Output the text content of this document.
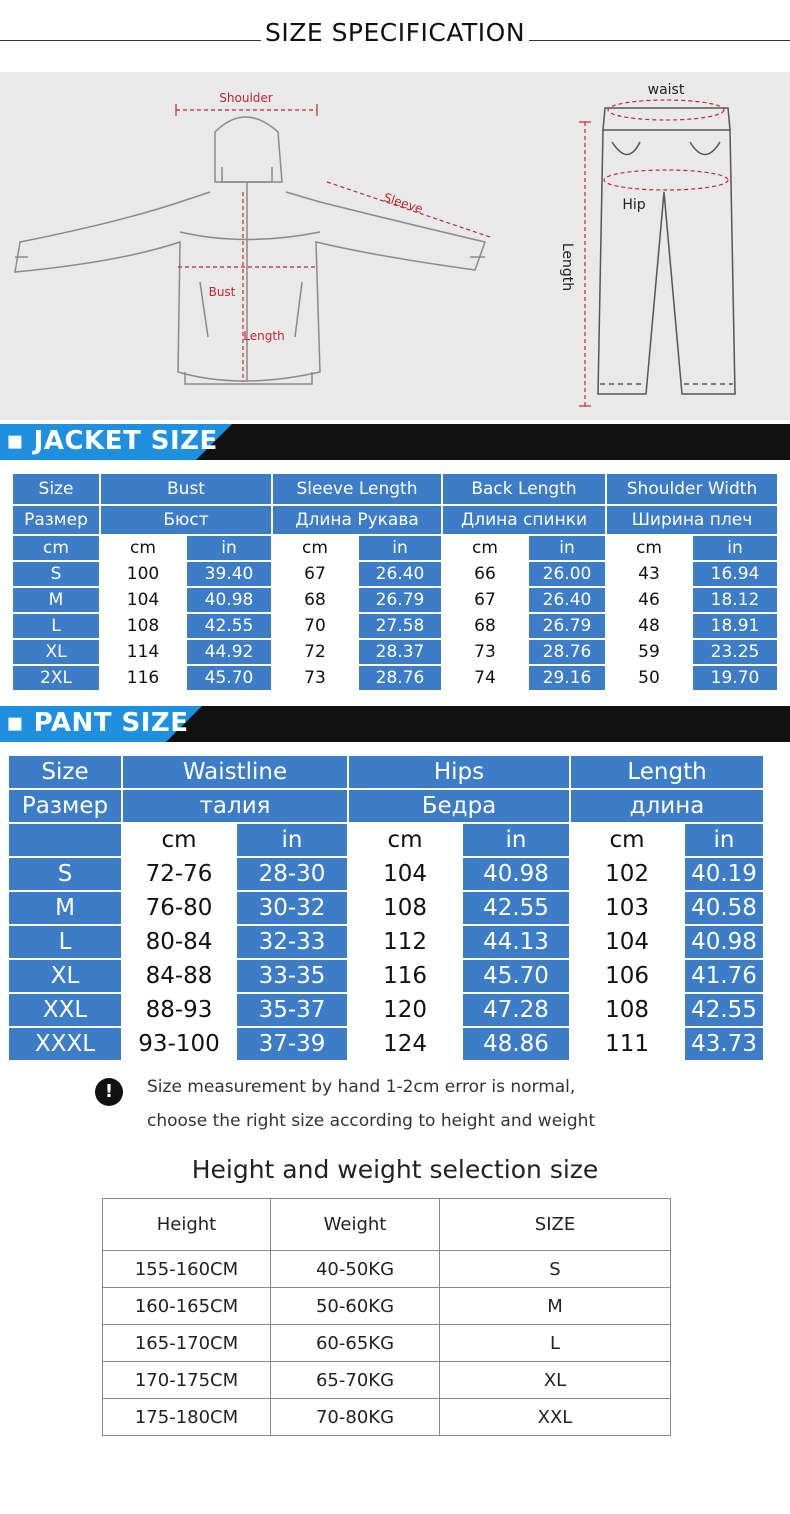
SIZE SPECIFICATION
Shoulder
Sleeve
Bust
Length
waist
Hip
Length
▪ JACKET SIZE
Size	Bust		Sleeve Length		Back Length		Shoulder Width	
Размер	Бюст		Длина Рукава		Длина спинки		Ширина плеч	
cm	cm	in	cm	in	cm	in	cm	in
S	100	39.40	67	26.40	66	26.00	43	16.94
M	104	40.98	68	26.79	67	26.40	46	18.12
L	108	42.55	70	27.58	68	26.79	48	18.91
XL	114	44.92	72	28.37	73	28.76	59	23.25
2XL	116	45.70	73	28.76	74	29.16	50	19.70
▪ PANT SIZE
Size	Waistline		Hips		Length	
Размер	талия		Бедра		длина	
	cm	in	cm	in	cm	in
S	72-76	28-30	104	40.98	102	40.19
M	76-80	30-32	108	42.55	103	40.58
L	80-84	32-33	112	44.13	104	40.98
XL	84-88	33-35	116	45.70	106	41.76
XXL	88-93	35-37	120	47.28	108	42.55
XXXL	93-100	37-39	124	48.86	111	43.73
!	Size measurement by hand 1-2cm error is normal,
choose the right size according to height and weight
Height and weight selection size
Height	Weight	SIZE
155-160CM	40-50KG	S
160-165CM	50-60KG	M
165-170CM	60-65KG	L
170-175CM	65-70KG	XL
175-180CM	70-80KG	XXL
